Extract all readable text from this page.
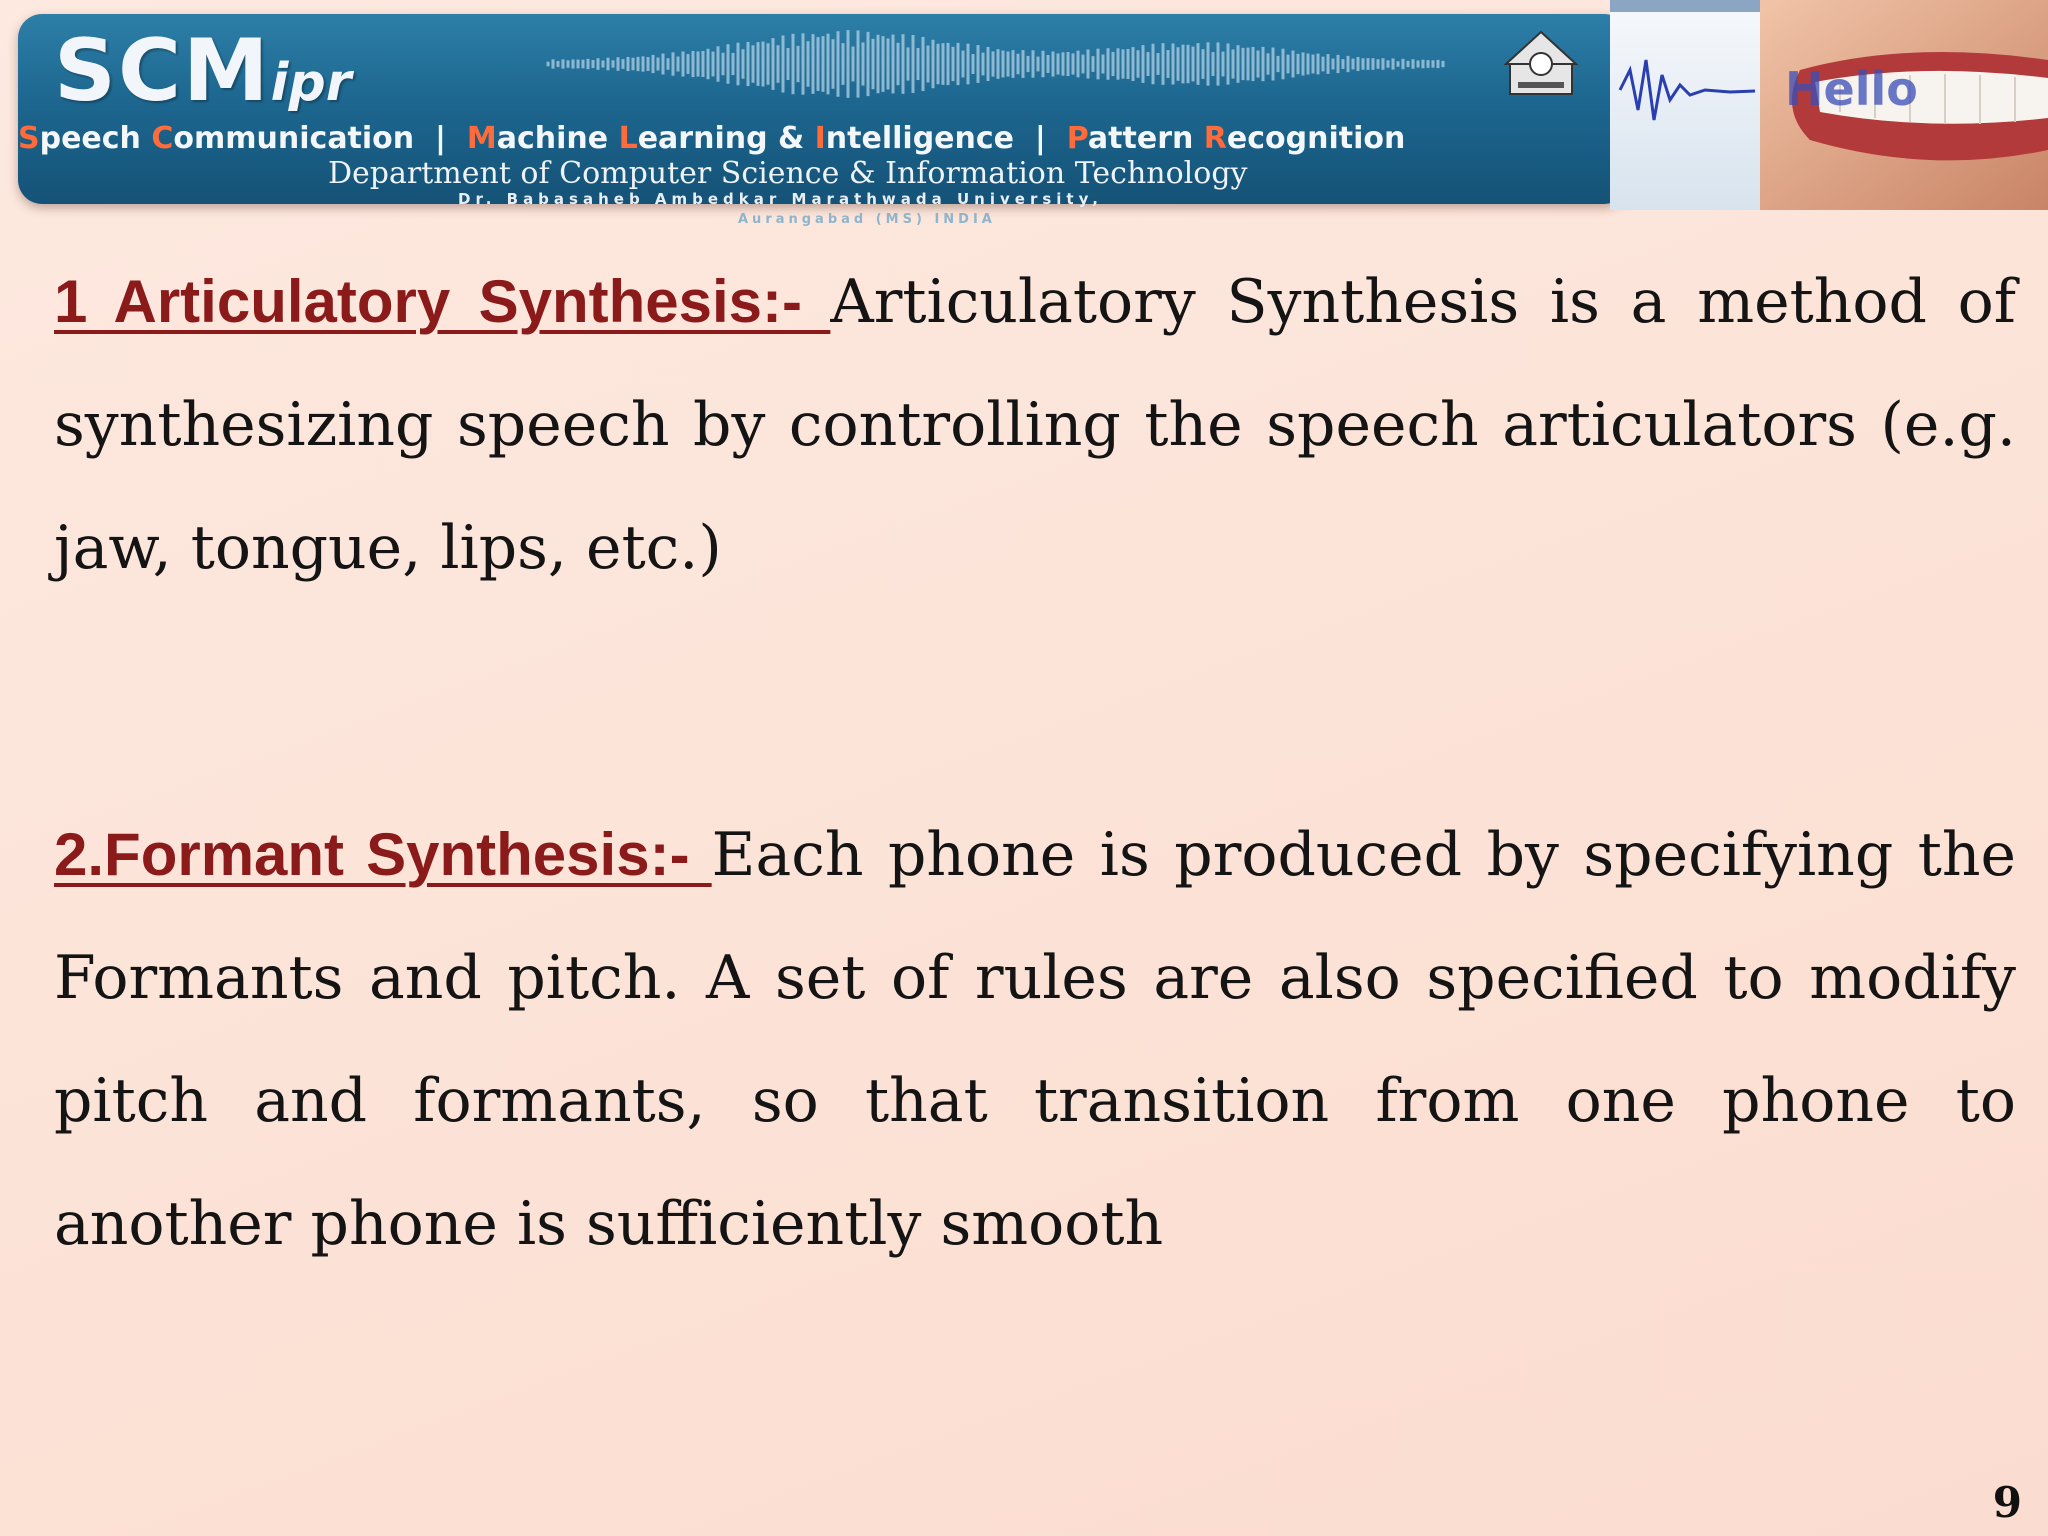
SCMipr
Speech Communication  |  Machine Learning & Intelligence  |  Pattern Recognition
Department of Computer Science & Information Technology
Dr. Babasaheb Ambedkar Marathwada University,
Aurangabad (MS) INDIA
Hello

1 Articulatory Synthesis:- Articulatory Synthesis is a method of synthesizing speech by controlling the speech articulators (e.g. jaw, tongue, lips, etc.)

2.Formant Synthesis:- Each phone is produced by specifying the Formants and pitch. A set of rules are also specified to modify pitch and formants, so that transition from one phone to another phone is sufficiently smooth

9
